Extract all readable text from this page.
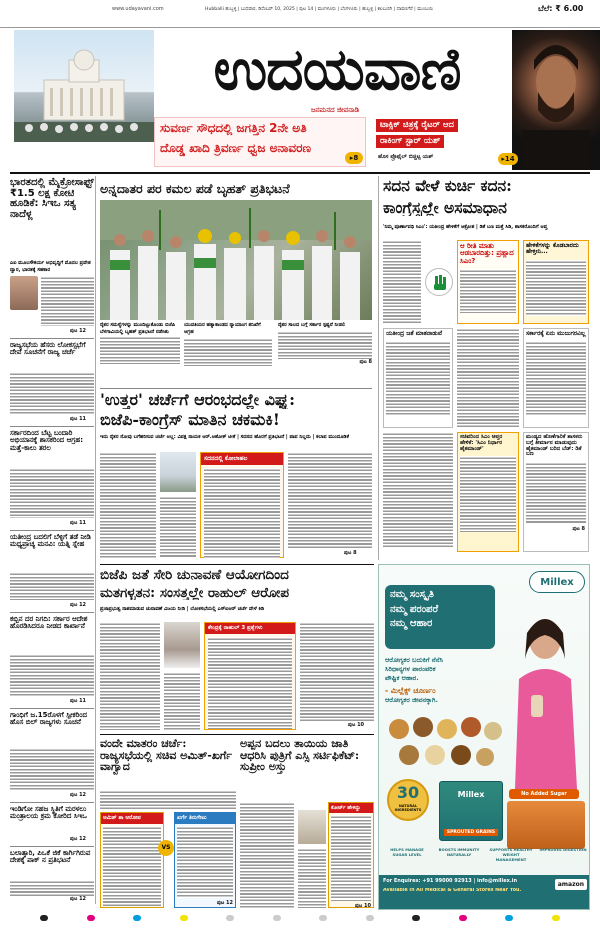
www.udayavani.com	Hubballi ಹುಬ್ಬಳ್ಳಿ | ಬುಧವಾರ, ಡಿಸೆಂಬರ್ 10, 2025 | ಪುಟ 14 | ಮಂಗಳೂರು | ಬೆಂಗಳೂರು | ಹುಬ್ಬಳ್ಳಿ | ಕಲಬುರಗಿ | ದಾವಣಗೆರೆ | ಮುಂಬಯಿ	ಬೆಲೆ: ₹ 6.00
ಉದಯವಾಣಿ
ಜನಮನದ ಜೀವನಾಡಿ
ಸುವರ್ಣ ಸೌಧದಲ್ಲಿ ಜಗತ್ತಿನ 2ನೇ ಅತಿ
ದೊಡ್ಡ ಖಾದಿ ತ್ರಿವರ್ಣ ಧ್ವಜ ಅನಾವರಣ
▸8
ಟಾಕ್ಸಿಕ್ ಚಿತ್ರಕ್ಕೆ ರೈಟರ್ ಆದ
ರಾಕಿಂಗ್ ಸ್ಟಾರ್ ಯಶ್
ಹೊಸ ಪ್ರೊಫೈಲ್ ಬಿಚ್ಚಿಟ್ಟ ಯಶ್	▸14
ಭಾರತದಲ್ಲಿ ಮೈಕ್ರೋಸಾಫ್ಟ್ ₹1.5 ಲಕ್ಷ ಕೋಟಿ ಹೂಡಿಕೆ: ಸಿಇಒ ಸತ್ಯ ನಾದೆಳ್ಲ
ಎಐ ಮೂಲಸೌಕರ್ಯ ಅಭಿವೃದ್ಧಿಗೆ ಮೊದಲ ಪ್ರವೇಶ ದ್ವಾರ, ಭಾರತಕ್ಕೆ ಸಹಕಾರ
ಪುಟ 12
ರಾಜ್ಯಸಭೆಯ ಹೆಸರು ಲೋಕಸ್ಸಭೆಗೆ ದೇವೆ ಸೂಚನೆಗೆ ರಾಜ್ಯ ಚರ್ಚೆ
ಪುಟ 11
ಸರ್ಕಾರದಿಂದ ಬೆಟ್ಟ ಬಂದಾರಿ ಅಭಿಯಾನಕ್ಕೆ ಶಾಸಕರಿಂದ ಆಗ್ರಹ: ಮತ್ತೆ-ಕಾಲು ತರಲ
ಪುಟ 11
ಯತೀಂದ್ರ ಬದಲಿಗೆ ಬೆಳ್ಳಿಗೆ ತಡೆ ನೀಡಿ ಮಧ್ಯಪ್ರಾಚ್ಯ ಮನವಿ: ಯತ್ನಿ ಸ್ನೇಹ
ಪುಟ 12
ಕಬ್ಬಿನ ದರ ನಿಗದಿ: ಸರ್ಕಾರ ಆದೇಶ ಹೊರಡಿಸಿದರೂ ನೀಡದ ಕಾರ್ಖಾನೆ
ಪುಟ 11
ಗಾಂಧಿಗೆ ಜ.15ರೊಳಗೆ ಸ್ಪೀಕರಿಂದ ಹೊಸ ಬಿಲ್ ರಾಜ್ಯಗಳು ಸೂಚನೆ
ಪುಟ 12
ಇಂಡಿಗೋ ಸಹಜ ಸ್ಥಿತಿಗೆ ಮರಳಲು ಮಂತ್ರಾಲಯ ಕ್ರಮ ಕೋರಿದ ಸಿಇಒ
ಪುಟ 12
ಬಲಾತ್ಕಾರಿ, ಪಿಒಕೆ ಜಿಕೆ ಕಾರ್ಗಿಗಿರುವ ದೇಶಕ್ಕೆ ಪಾಕ್ ನ ಪ್ರತಿಭಟನೆ
ಪುಟ 12
ಅನ್ನದಾತರ ಪರ ಕಮಲ ಪಡೆ ಬೃಹತ್ ಪ್ರತಿಭಟನೆ
ರೈತರ ಸಮಸ್ಯೆಗಳನ್ನು ಮುಂದಿಟ್ಟುಕೊಂಡು ಬಿಜೆಪಿ ಬೆಳಗಾವಿಯಲ್ಲಿ ಬೃಹತ್ ಪ್ರತಿಭಟನೆ ನಡೆಸಿತು
ಯುವತಿಯರ ಹತ್ಯಾಕಾಂಡದ ನ್ಯಾಯಾಂಗ ತನಿಖೆಗೆ ಆಗ್ರಹ
ರೈತರ ಸಾಲದ ಬಗ್ಗೆ ಸರ್ಕಾರ ಸ್ಪಷ್ಟನೆ ನೀಡಲಿ
ಪುಟ 8
'ಉತ್ತರ' ಚರ್ಚೆಗೆ ಆರಂಭದಲ್ಲೇ ವಿಘ್ನ:
ಬಿಜೆಪಿ-ಕಾಂಗ್ರೆಸ್ ಮಾತಿನ ಚಕಮಕಿ!
ಇದು ರೈತರ ನೋವು ಬಗೆಹರಿಸುವ ಚರ್ಚೆ ಅಲ್ಲ: ವಿಪಕ್ಷ ನಾಯಕ ಆರ್.ಅಶೋಕ್ ಟೀಕೆ | ಸದನದ ಹೊರಗೆ ಪ್ರತಿಭಟನೆ | ಪಾಪ ನಿಲ್ಲದು | ಕಲಾಪ ಮುಂದೂಡಿಕೆ
ಸದನದಲ್ಲಿ ಕೋಲಾಹಲ
ಪುಟ 8
ಸದನ ವೇಳೆ ಕುರ್ಚಿ ಕದನ:
ಕಾಂಗ್ರೆಸ್ಸಲ್ಲೇ ಅಸಮಾಧಾನ
'ನಿಮ್ಮ ಪೂರ್ಣಾವಧಿ ಸಿಎಂ': ಯತೀಂದ್ರ ಹೇಳಿಕೆಗೆ ಆಕ್ರೋಶ | ಡಿಕೆ ಬಣ ಮತ್ತೆ ಸಿಡಿ, ಶಾಸಕರೊಂದಿಗೆ ಆಪ್ತ
ಆ ರೀತಿ ಮಾತು ಆಡಬಾರದಿತ್ತು: ಪ್ರಹ್ಲಾದ ಸಿಎಂ?
ಹೇಳಿಕೆಗಳನ್ನು ಕೊಡಬಾರದು ಹೇಳ್ತೀನಿ...
ಯತೀಂದ್ರ ಜತೆ ಮಾತನಾಡುವೆ	ಸರ್ಕಾರಕ್ಕೆ ಏನು ಮುಜುಗರವಿಲ್ಲ
ಸಚಿವರಿಂದ ಸಿಎಂ ಆಪ್ತರ ಹೇಳಿಕೆ: 'ಸಿಎಂ ನಿರ್ಧಾರ ಹೈಕಮಾಂಡ್'
ಮಂಡ್ಯದ ಹೊಣೆಗಾರಿಕೆ ಶಾಸಕರು ಬಗ್ಗೆ ತೀರ್ಮಾನ ಮಾಡುವುದು ಹೈಕಮಾಂಡ್ ಬರಿದ ಬೆಡ್: ಡಿಕೆ ಬಣ
ಪುಟ 8
ಬಿಜೆಪಿ ಜತೆ ಸೇರಿ ಚುನಾವಣೆ ಆಯೋಗದಿಂದ
ಮತಗಳ್ಳತನ: ಸಂಸತ್ತಲ್ಲೇ ರಾಹುಲ್ ಆರೋಪ
ಪ್ರಜಾಪ್ರಭುತ್ವ ನಾಶಮಾಡುವ ಚುನಾವಣೆ ವಿಜಯ ನೀಡಿ | ಲೋಕಸಭೆಯಲ್ಲಿ ಎಸ್‍ಐಆರ್ ಚರ್ಚೆ ವೇಳೆ ಕಿಡಿ
ಕೇಂದ್ರಕ್ಕೆ ರಾಹುಲ್ 3 ಪ್ರಶ್ನೆಗಳು
ಪುಟ 10
ವಂದೇ ಮಾತರಂ ಚರ್ಚೆ: ರಾಜ್ಯಸಭೆಯಲ್ಲಿ ಸಚಿವ ಅಮಿತ್-ಖರ್ಗೆ ವಾಗ್ವಾದ
ಅಮಿತ್ ಶಾ ಆರೋಪ
VS
ಖರ್ಗೆ ತಿರುಗೇಟು
ಪುಟ 12
ಅಪ್ಪನ ಬದಲು ತಾಯಿಯ ಜಾತಿ ಆಧರಿಸಿ ಪುತ್ರಿಗೆ ಎಸ್ಸಿ ಸರ್ಟಿಫಿಕೆಟ್: ಸುಪ್ರೀಂ ಅಸ್ತು
ಕೋರ್ಟ್ ಹೇಳಿದ್ದು
ಪುಟ 10
Millex
ನಮ್ಮ ಸಂಸ್ಕೃತಿ
ನಮ್ಮ ಪರಂಪರೆ
ನಮ್ಮ ಆಹಾರ
ಆರೋಗ್ಯಕರ ಬದುಕಿಗೆ ನೆನೆಸಿ
ಸಿರಿಧಾನ್ಯಗಳ ಪಾರಂಪರಿಕ
ಪೌಷ್ಟಿಕ ಆಹಾರ.
- ಮಿಲ್ಲೆಕ್ಸ್ ಚೂರ್ಣಂ
ಆರೋಗ್ಯಕರ ಜೀವನಕ್ಕಾಗಿ.
30
NATURAL INGREDIENTS
Millex
SPROUTED GRAINS
No Added Sugar
HELPS MANAGE SUGAR LEVEL
BOOSTS IMMUNITY NATURALLY
SUPPORTS HEALTHY WEIGHT MANAGEMENT
IMPROVES DIGESTION
For Enquires: +91 99000 92913 | info@millex.in
Available in All Medical & General Stores Near You.
amazon
